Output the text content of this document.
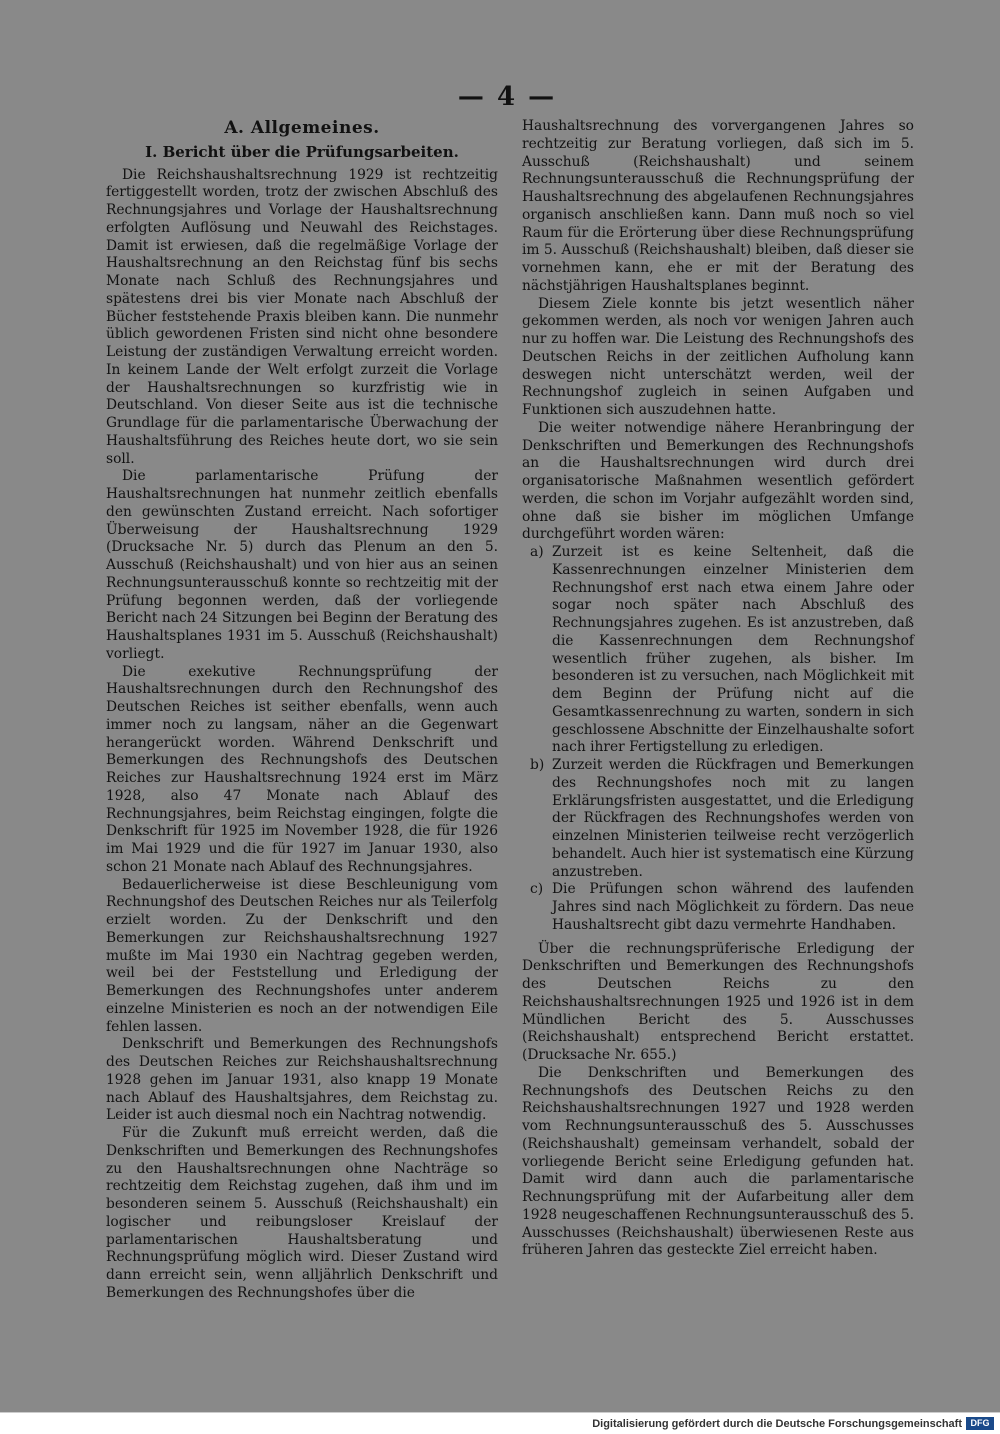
— 4 —
A. Allgemeines.
I. Bericht über die Prüfungsarbeiten.

Die Reichshaushaltsrechnung 1929 ist rechtzeitig fertiggestellt worden, trotz der zwischen Abschluß des Rechnungsjahres und Vorlage der Haushaltsrechnung erfolgten Auflösung und Neuwahl des Reichstages. Damit ist erwiesen, daß die regelmäßige Vorlage der Haushaltsrechnung an den Reichstag fünf bis sechs Monate nach Schluß des Rechnungsjahres und spätestens drei bis vier Monate nach Abschluß der Bücher feststehende Praxis bleiben kann. Die nunmehr üblich gewordenen Fristen sind nicht ohne besondere Leistung der zuständigen Verwaltung erreicht worden. In keinem Lande der Welt erfolgt zurzeit die Vorlage der Haushaltsrechnungen so kurzfristig wie in Deutschland. Von dieser Seite aus ist die technische Grundlage für die parlamentarische Überwachung der Haushaltsführung des Reiches heute dort, wo sie sein soll.

Die parlamentarische Prüfung der Haushaltsrechnungen hat nunmehr zeitlich ebenfalls den gewünschten Zustand erreicht. Nach sofortiger Überweisung der Haushaltsrechnung 1929 (Drucksache Nr. 5) durch das Plenum an den 5. Ausschuß (Reichshaushalt) und von hier aus an seinen Rechnungsunterausschuß konnte so rechtzeitig mit der Prüfung begonnen werden, daß der vorliegende Bericht nach 24 Sitzungen bei Beginn der Beratung des Haushaltsplanes 1931 im 5. Ausschuß (Reichshaushalt) vorliegt.

Die exekutive Rechnungsprüfung der Haushaltsrechnungen durch den Rechnungshof des Deutschen Reiches ist seither ebenfalls, wenn auch immer noch zu langsam, näher an die Gegenwart herangerückt worden. Während Denkschrift und Bemerkungen des Rechnungshofs des Deutschen Reiches zur Haushaltsrechnung 1924 erst im März 1928, also 47 Monate nach Ablauf des Rechnungsjahres, beim Reichstag eingingen, folgte die Denkschrift für 1925 im November 1928, die für 1926 im Mai 1929 und die für 1927 im Januar 1930, also schon 21 Monate nach Ablauf des Rechnungsjahres.

Bedauerlicherweise ist diese Beschleunigung vom Rechnungshof des Deutschen Reiches nur als Teilerfolg erzielt worden. Zu der Denkschrift und den Bemerkungen zur Reichshaushaltsrechnung 1927 mußte im Mai 1930 ein Nachtrag gegeben werden, weil bei der Feststellung und Erledigung der Bemerkungen des Rechnungshofes unter anderem einzelne Ministerien es noch an der notwendigen Eile fehlen lassen.

Denkschrift und Bemerkungen des Rechnungshofs des Deutschen Reiches zur Reichshaushaltsrechnung 1928 gehen im Januar 1931, also knapp 19 Monate nach Ablauf des Haushaltsjahres, dem Reichstag zu. Leider ist auch diesmal noch ein Nachtrag notwendig.

Für die Zukunft muß erreicht werden, daß die Denkschriften und Bemerkungen des Rechnungshofes zu den Haushaltsrechnungen ohne Nachträge so rechtzeitig dem Reichstag zugehen, daß ihm und im besonderen seinem 5. Ausschuß (Reichshaushalt) ein logischer und reibungsloser Kreislauf der parlamentarischen Haushaltsberatung und Rechnungsprüfung möglich wird. Dieser Zustand wird dann erreicht sein, wenn alljährlich Denkschrift und Bemerkungen des Rechnungshofes über die

Haushaltsrechnung des vorvergangenen Jahres so rechtzeitig zur Beratung vorliegen, daß sich im 5. Ausschuß (Reichshaushalt) und seinem Rechnungsunterausschuß die Rechnungsprüfung der Haushaltsrechnung des abgelaufenen Rechnungsjahres organisch anschließen kann. Dann muß noch so viel Raum für die Erörterung über diese Rechnungsprüfung im 5. Ausschuß (Reichshaushalt) bleiben, daß dieser sie vornehmen kann, ehe er mit der Beratung des nächstjährigen Haushaltsplanes beginnt.

Diesem Ziele konnte bis jetzt wesentlich näher gekommen werden, als noch vor wenigen Jahren auch nur zu hoffen war. Die Leistung des Rechnungshofs des Deutschen Reichs in der zeitlichen Aufholung kann deswegen nicht unterschätzt werden, weil der Rechnungshof zugleich in seinen Aufgaben und Funktionen sich auszudehnen hatte.

Die weiter notwendige nähere Heranbringung der Denkschriften und Bemerkungen des Rechnungshofs an die Haushaltsrechnungen wird durch drei organisatorische Maßnahmen wesentlich gefördert werden, die schon im Vorjahr aufgezählt worden sind, ohne daß sie bisher im möglichen Umfange durchgeführt worden wären:

a) Zurzeit ist es keine Seltenheit, daß die Kassenrechnungen einzelner Ministerien dem Rechnungshof erst nach etwa einem Jahre oder sogar noch später nach Abschluß des Rechnungsjahres zugehen. Es ist anzustreben, daß die Kassenrechnungen dem Rechnungshof wesentlich früher zugehen, als bisher. Im besonderen ist zu versuchen, nach Möglichkeit mit dem Beginn der Prüfung nicht auf die Gesamtkassenrechnung zu warten, sondern in sich geschlossene Abschnitte der Einzelhaushalte sofort nach ihrer Fertigstellung zu erledigen.
b) Zurzeit werden die Rückfragen und Bemerkungen des Rechnungshofes noch mit zu langen Erklärungsfristen ausgestattet, und die Erledigung der Rückfragen des Rechnungshofes werden von einzelnen Ministerien teilweise recht verzögerlich behandelt. Auch hier ist systematisch eine Kürzung anzustreben.
c) Die Prüfungen schon während des laufenden Jahres sind nach Möglichkeit zu fördern. Das neue Haushaltsrecht gibt dazu vermehrte Handhaben.

Über die rechnungsprüferische Erledigung der Denkschriften und Bemerkungen des Rechnungshofs des Deutschen Reichs zu den Reichshaushaltsrechnungen 1925 und 1926 ist in dem Mündlichen Bericht des 5. Ausschusses (Reichshaushalt) entsprechend Bericht erstattet. (Drucksache Nr. 655.)

Die Denkschriften und Bemerkungen des Rechnungshofs des Deutschen Reichs zu den Reichshaushaltsrechnungen 1927 und 1928 werden vom Rechnungsunterausschuß des 5. Ausschusses (Reichshaushalt) gemeinsam verhandelt, sobald der vorliegende Bericht seine Erledigung gefunden hat. Damit wird dann auch die parlamentarische Rechnungsprüfung mit der Aufarbeitung aller dem 1928 neugeschaffenen Rechnungsunterausschuß des 5. Ausschusses (Reichshaushalt) überwiesenen Reste aus früheren Jahren das gesteckte Ziel erreicht haben.

Digitalisierung gefördert durch die Deutsche Forschungsgemeinschaft DFG
